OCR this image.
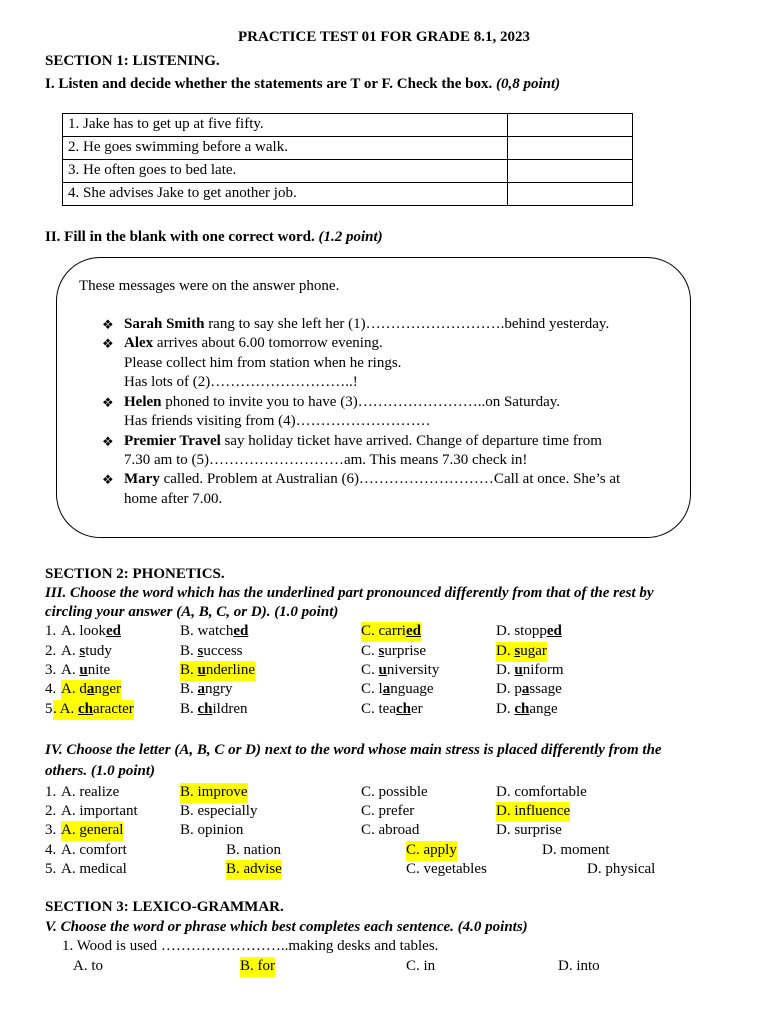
PRACTICE TEST 01 FOR GRADE 8.1, 2023
SECTION 1: LISTENING.
I. Listen and decide whether the statements are T or F. Check the box. (0,8 point)
1. Jake has to get up at five fifty.	
2. He goes swimming before a walk.	
3. He often goes to bed late.	
4. She advises Jake to get another job.	
II. Fill in the blank with one correct word. (1.2 point)
These messages were on the answer phone.
❖ Sarah Smith rang to say she left her (1)……………………….behind yesterday.
❖ Alex arrives about 6.00 tomorrow evening.
Please collect him from station when he rings.
Has lots of (2)………………………..!
❖ Helen phoned to invite you to have (3)……………………..on Saturday.
Has friends visiting from (4)………………………
❖ Premier Travel say holiday ticket have arrived. Change of departure time from
7.30 am to (5)………………………am. This means 7.30 check in!
❖ Mary called. Problem at Australian (6)………………………Call at once. She’s at
home after 7.00.
SECTION 2: PHONETICS.
III. Choose the word which has the underlined part pronounced differently from that of the rest by
circling your answer (A, B, C, or D). (1.0 point)
1. A. looked	B. watched	C. carried	D. stopped
2. A. study	B. success	C. surprise	D. sugar
3. A. unite	B. underline	C. university	D. uniform
4. A. danger	B. angry	C. language	D. passage
5 . A. character	B. children	C. teacher	D. change
IV. Choose the letter (A, B, C or D) next to the word whose main stress is placed differently from the
others. (1.0 point)
1. A. realize	B. improve	C. possible	D. comfortable
2. A. important	B. especially	C. prefer	D. influence
3. A. general	B. opinion	C. abroad	D. surprise
4. A. comfort	B. nation	C. apply	D. moment
5. A. medical	B. advise	C. vegetables	D. physical
SECTION 3: LEXICO-GRAMMAR.
V. Choose the word or phrase which best completes each sentence. (4.0 points)
1. Wood is used ……………………..making desks and tables.
A. to	B. for	C. in	D. into
